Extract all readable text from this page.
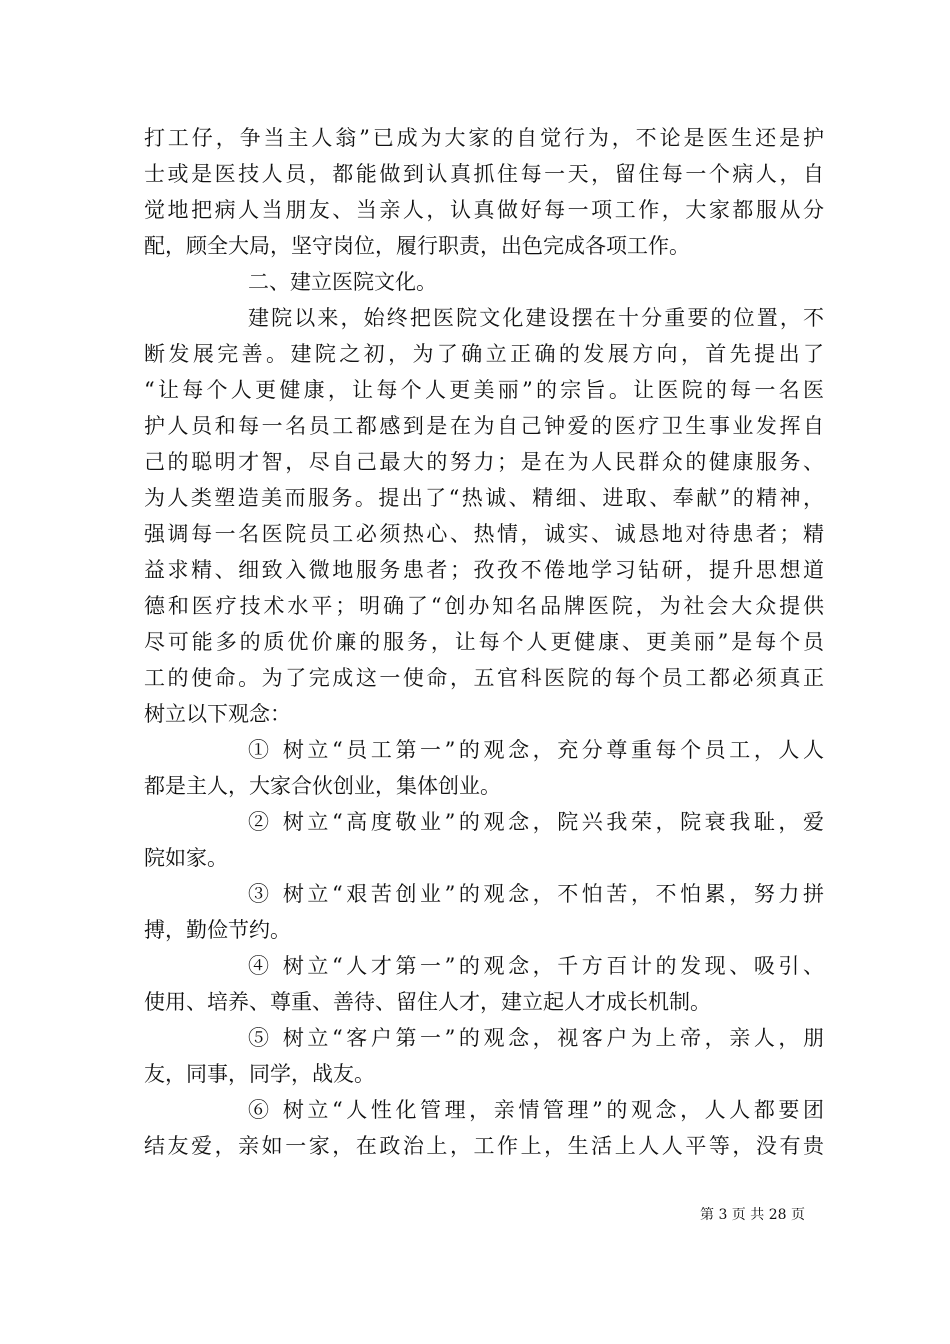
打工仔，争当主人翁”已成为大家的自觉行为，不论是医生还是护
士或是医技人员，都能做到认真抓住每一天，留住每一个病人，自
觉地把病人当朋友、当亲人，认真做好每一项工作，大家都服从分
配，顾全大局，坚守岗位，履行职责，出色完成各项工作。
二、建立医院文化。
建院以来，始终把医院文化建设摆在十分重要的位置，不
断发展完善。建院之初，为了确立正确的发展方向，首先提出了
“让每个人更健康，让每个人更美丽”的宗旨。让医院的每一名医
护人员和每一名员工都感到是在为自己钟爱的医疗卫生事业发挥自
己的聪明才智，尽自己最大的努力；是在为人民群众的健康服务、
为人类塑造美而服务。提出了“热诚、精细、进取、奉献”的精神，
强调每一名医院员工必须热心、热情，诚实、诚恳地对待患者；精
益求精、细致入微地服务患者；孜孜不倦地学习钻研，提升思想道
德和医疗技术水平；明确了“创办知名品牌医院，为社会大众提供
尽可能多的质优价廉的服务，让每个人更健康、更美丽”是每个员
工的使命。为了完成这一使命，五官科医院的每个员工都必须真正
树立以下观念：
① 树立“员工第一”的观念，充分尊重每个员工，人人
都是主人，大家合伙创业，集体创业。
② 树立“高度敬业”的观念，院兴我荣，院衰我耻，爱
院如家。
③ 树立“艰苦创业”的观念，不怕苦，不怕累，努力拼
搏，勤俭节约。
④ 树立“人才第一”的观念，千方百计的发现、吸引、
使用、培养、尊重、善待、留住人才，建立起人才成长机制。
⑤ 树立“客户第一”的观念，视客户为上帝，亲人，朋
友，同事，同学，战友。
⑥ 树立“人性化管理，亲情管理”的观念，人人都要团
结友爱，亲如一家，在政治上，工作上，生活上人人平等，没有贵
第 3 页 共 28 页
